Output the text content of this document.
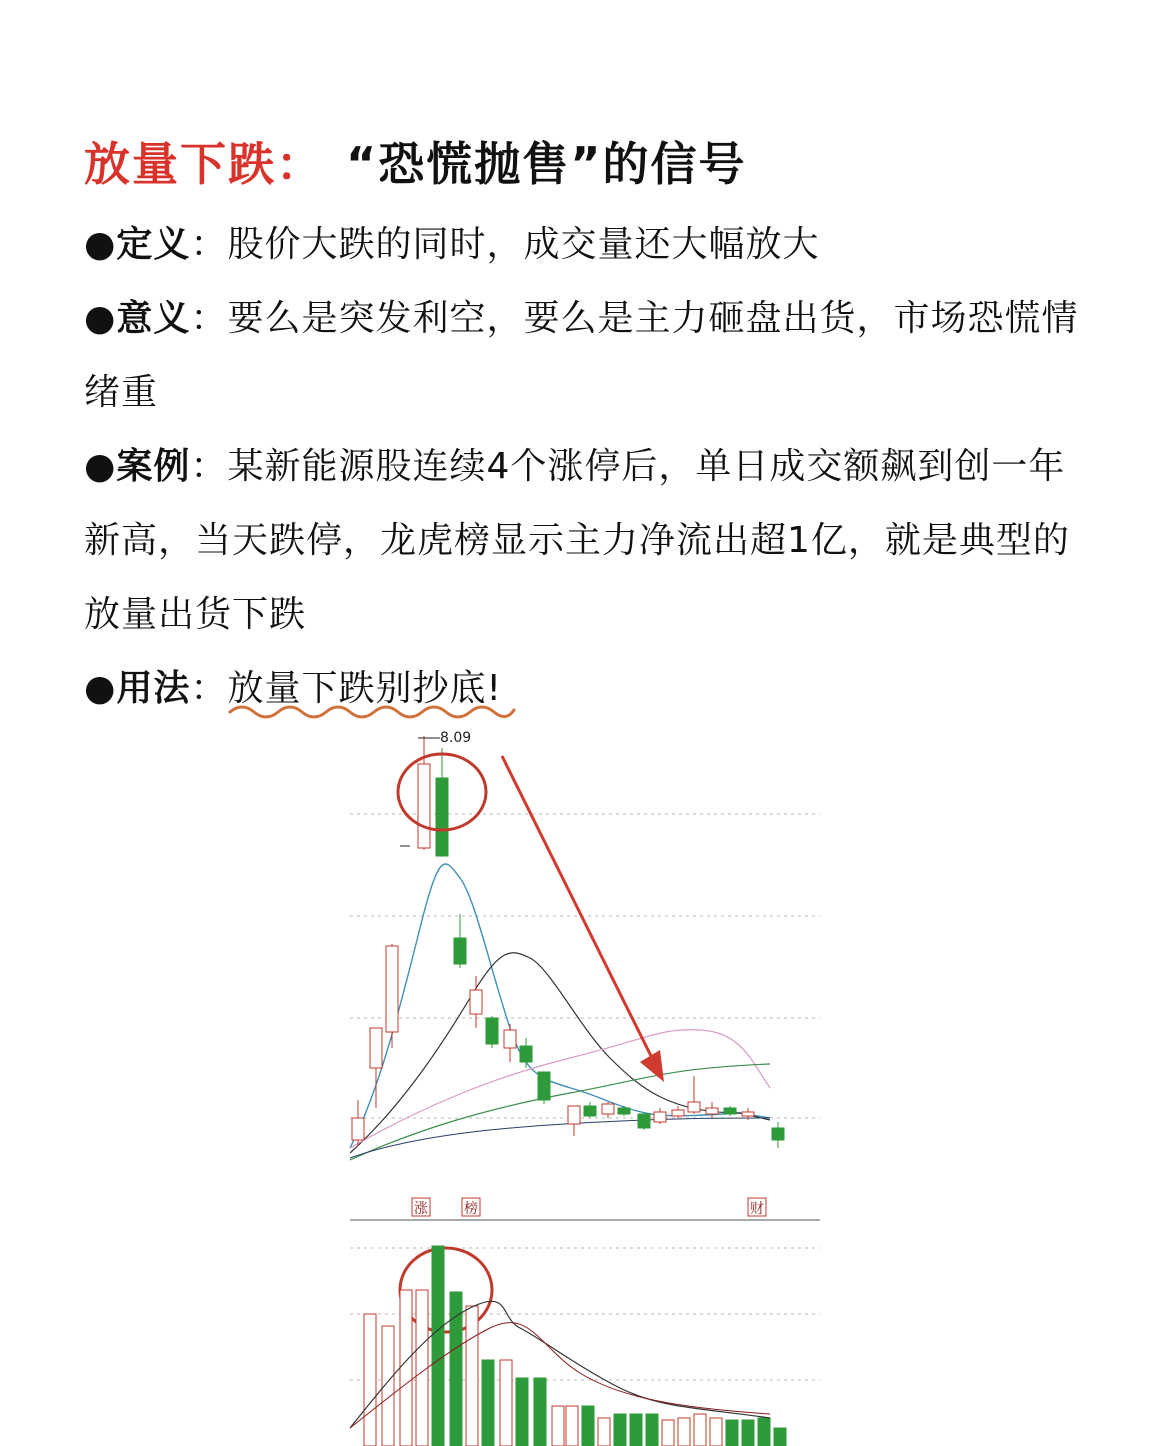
放量下跌： “恐慌抛售”的信号
●定义：股价大跌的同时，成交量还大幅放大
●意义：要么是突发利空，要么是主力砸盘出货，市场恐慌情绪重
●案例：某新能源股连续4个涨停后，单日成交额飙到创一年新高，当天跌停，龙虎榜显示主力净流出超1亿，就是典型的放量出货下跌
●用法：放量下跌别抄底!
8.09
涨	榜	财
